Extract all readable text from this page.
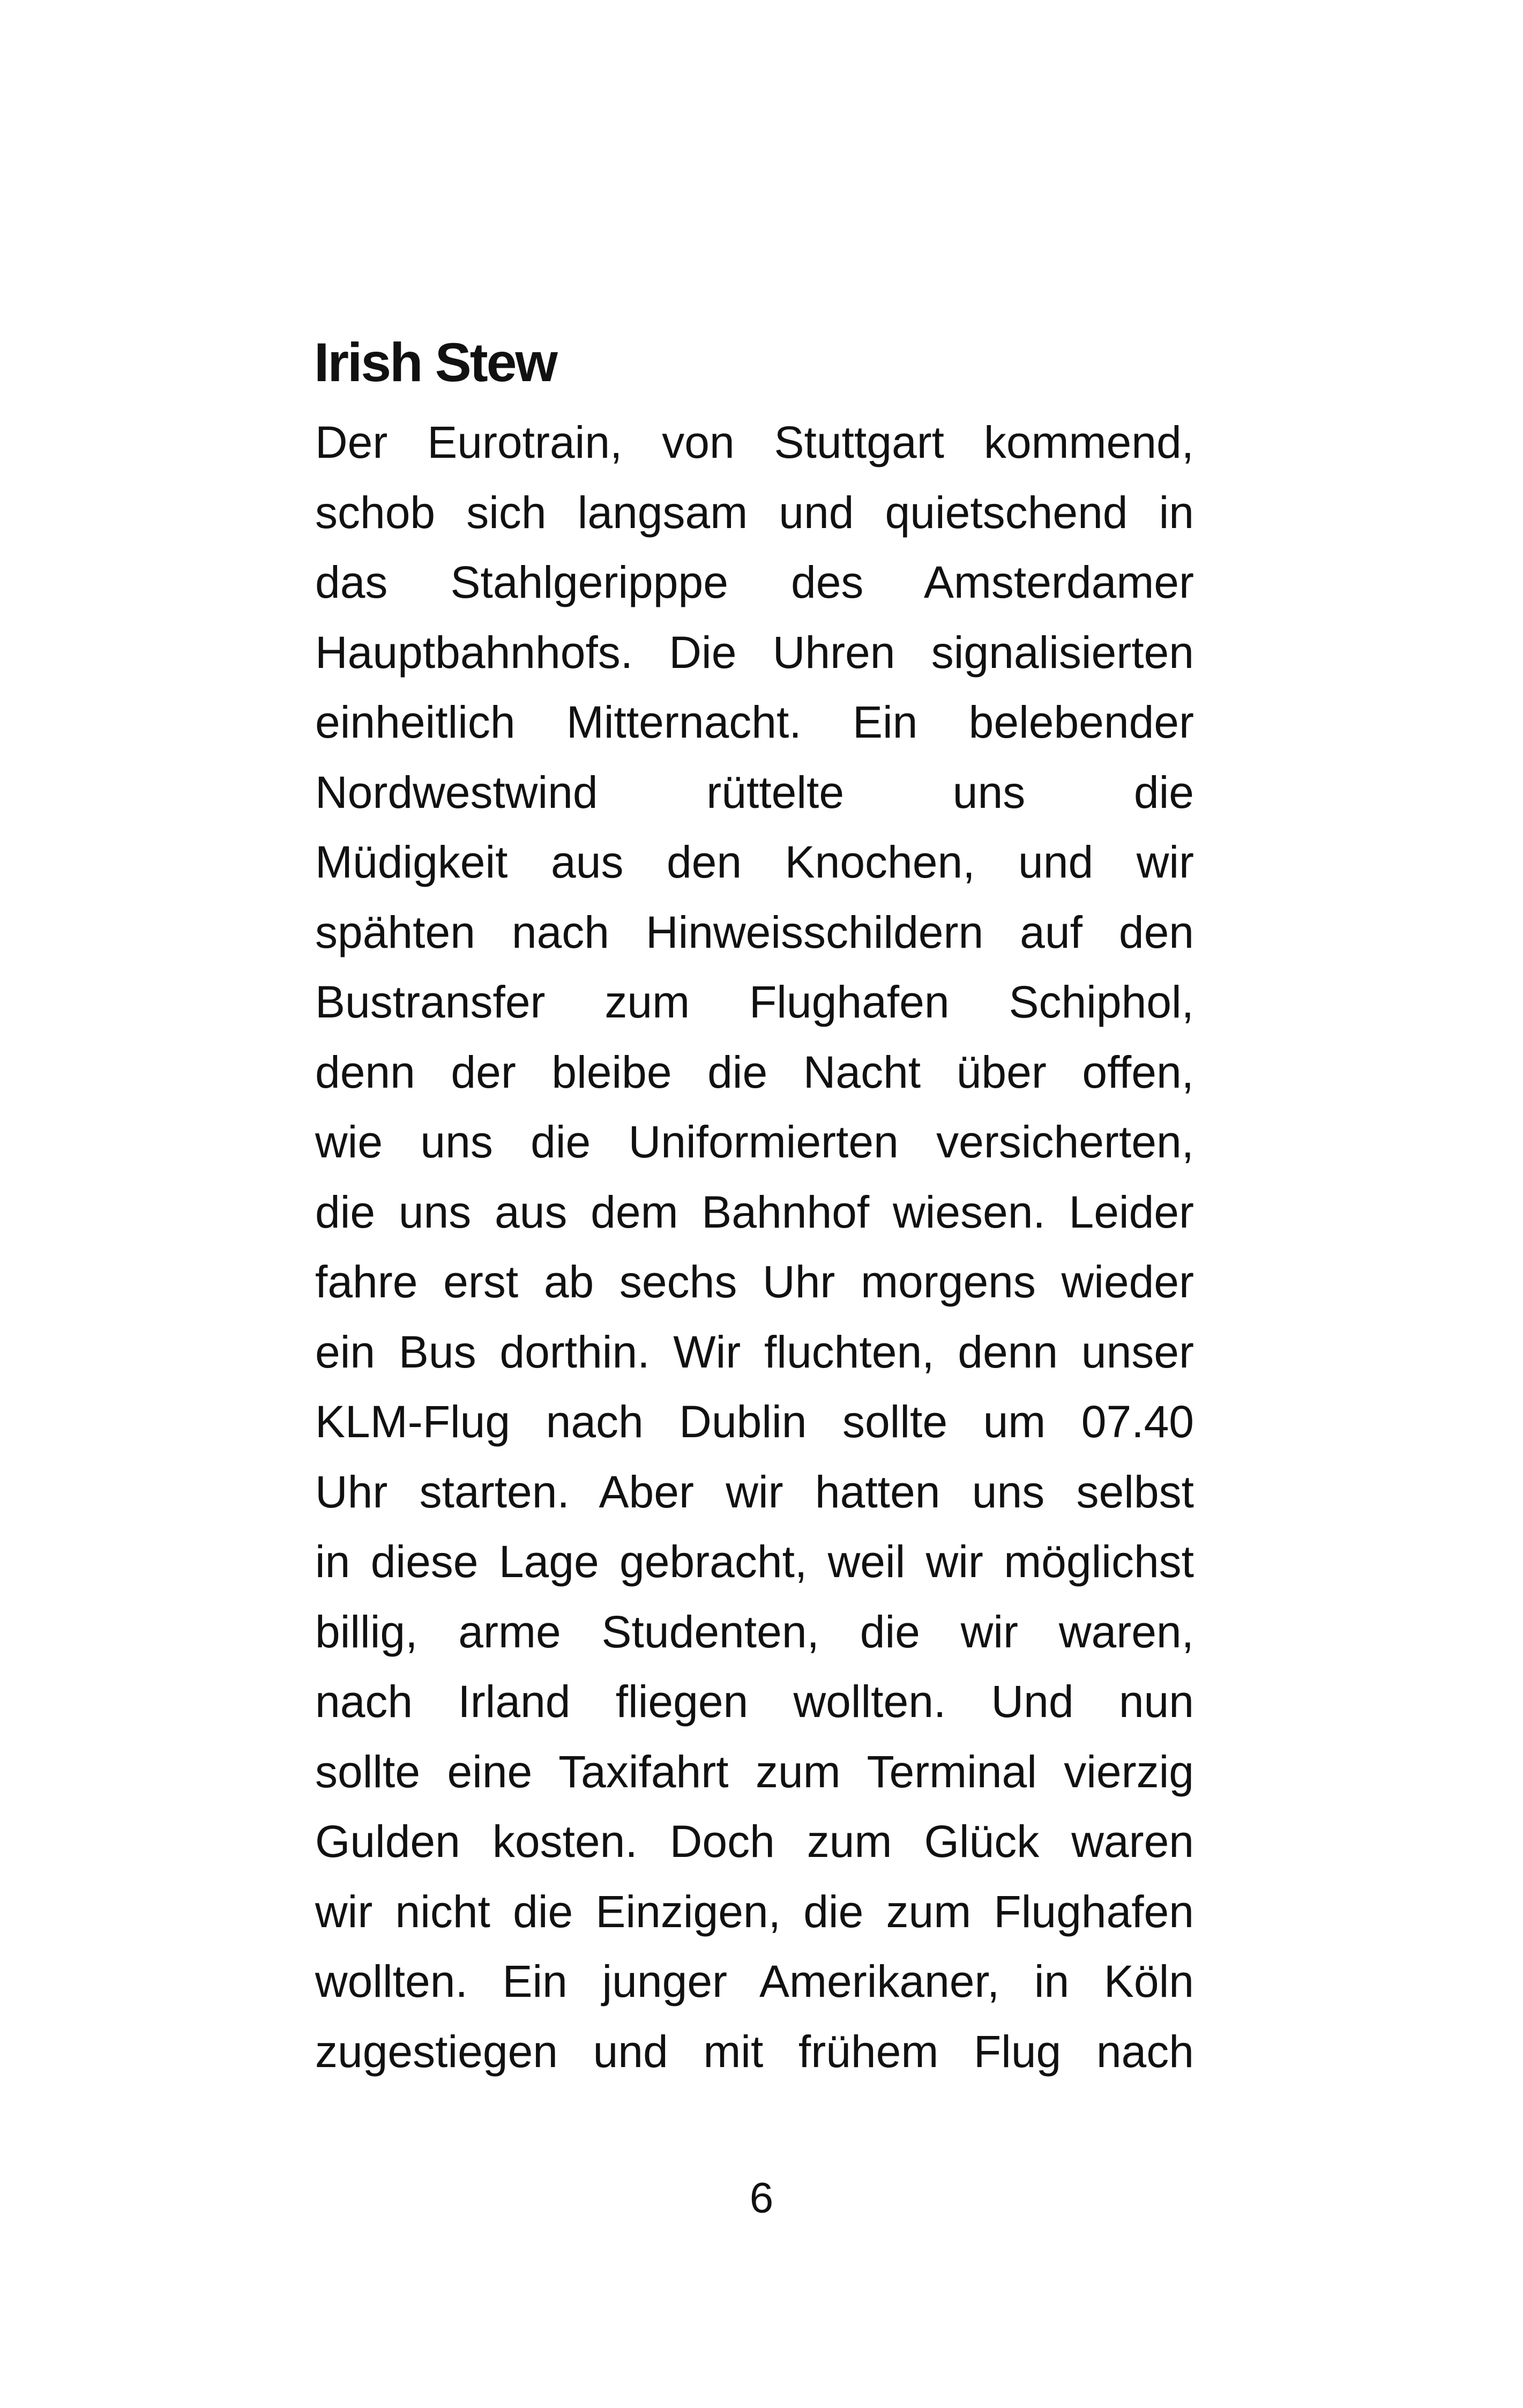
Irish Stew
Der Eurotrain, von Stuttgart kommend,
schob sich langsam und quietschend in
das Stahlgeripppe des Amsterdamer
Hauptbahnhofs. Die Uhren signalisierten
einheitlich Mitternacht. Ein belebender
Nordwestwind rüttelte uns die
Müdigkeit aus den Knochen, und wir
spähten nach Hinweisschildern auf den
Bustransfer zum Flughafen Schiphol,
denn der bleibe die Nacht über offen,
wie uns die Uniformierten versicherten,
die uns aus dem Bahnhof wiesen. Leider
fahre erst ab sechs Uhr morgens wieder
ein Bus dorthin. Wir fluchten, denn unser
KLM-Flug nach Dublin sollte um 07.40
Uhr starten. Aber wir hatten uns selbst
in diese Lage gebracht, weil wir möglichst
billig, arme Studenten, die wir waren,
nach Irland fliegen wollten. Und nun
sollte eine Taxifahrt zum Terminal vierzig
Gulden kosten. Doch zum Glück waren
wir nicht die Einzigen, die zum Flughafen
wollten. Ein junger Amerikaner, in Köln
zugestiegen und mit frühem Flug nach

6
